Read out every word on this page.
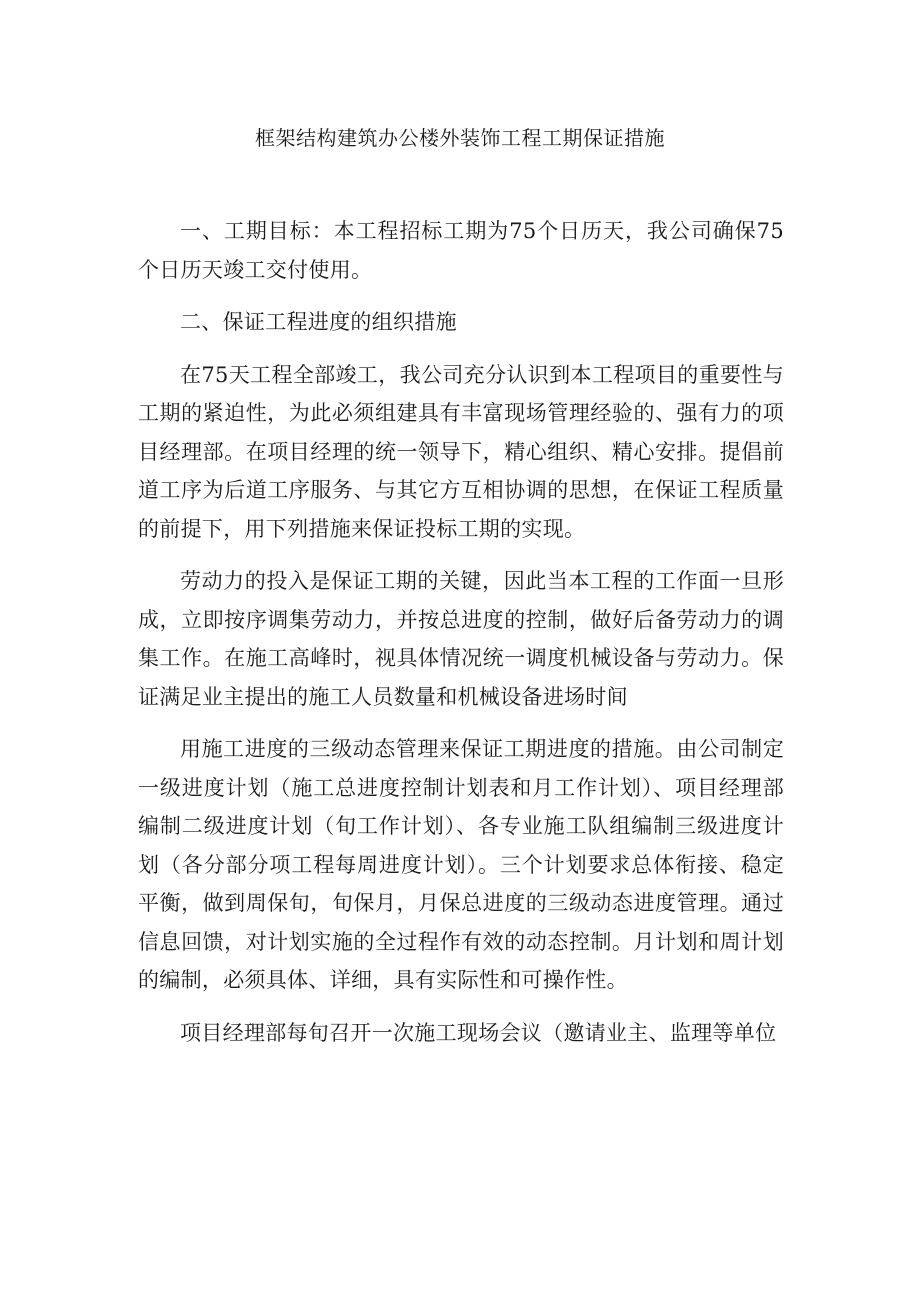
框架结构建筑办公楼外装饰工程工期保证措施

一、工期目标：本工程招标工期为75个日历天，我公司确保75个日历天竣工交付使用。

二、保证工程进度的组织措施

在75天工程全部竣工，我公司充分认识到本工程项目的重要性与工期的紧迫性，为此必须组建具有丰富现场管理经验的、强有力的项目经理部。在项目经理的统一领导下，精心组织、精心安排。提倡前道工序为后道工序服务、与其它方互相协调的思想，在保证工程质量的前提下，用下列措施来保证投标工期的实现。

劳动力的投入是保证工期的关键，因此当本工程的工作面一旦形成，立即按序调集劳动力，并按总进度的控制，做好后备劳动力的调集工作。在施工高峰时，视具体情况统一调度机械设备与劳动力。保证满足业主提出的施工人员数量和机械设备进场时间

用施工进度的三级动态管理来保证工期进度的措施。由公司制定一级进度计划（施工总进度控制计划表和月工作计划）、项目经理部编制二级进度计划（旬工作计划）、各专业施工队组编制三级进度计划（各分部分项工程每周进度计划）。三个计划要求总体衔接、稳定平衡，做到周保旬，旬保月，月保总进度的三级动态进度管理。通过信息回馈，对计划实施的全过程作有效的动态控制。月计划和周计划的编制，必须具体、详细，具有实际性和可操作性。

项目经理部每旬召开一次施工现场会议（邀请业主、监理等单位
